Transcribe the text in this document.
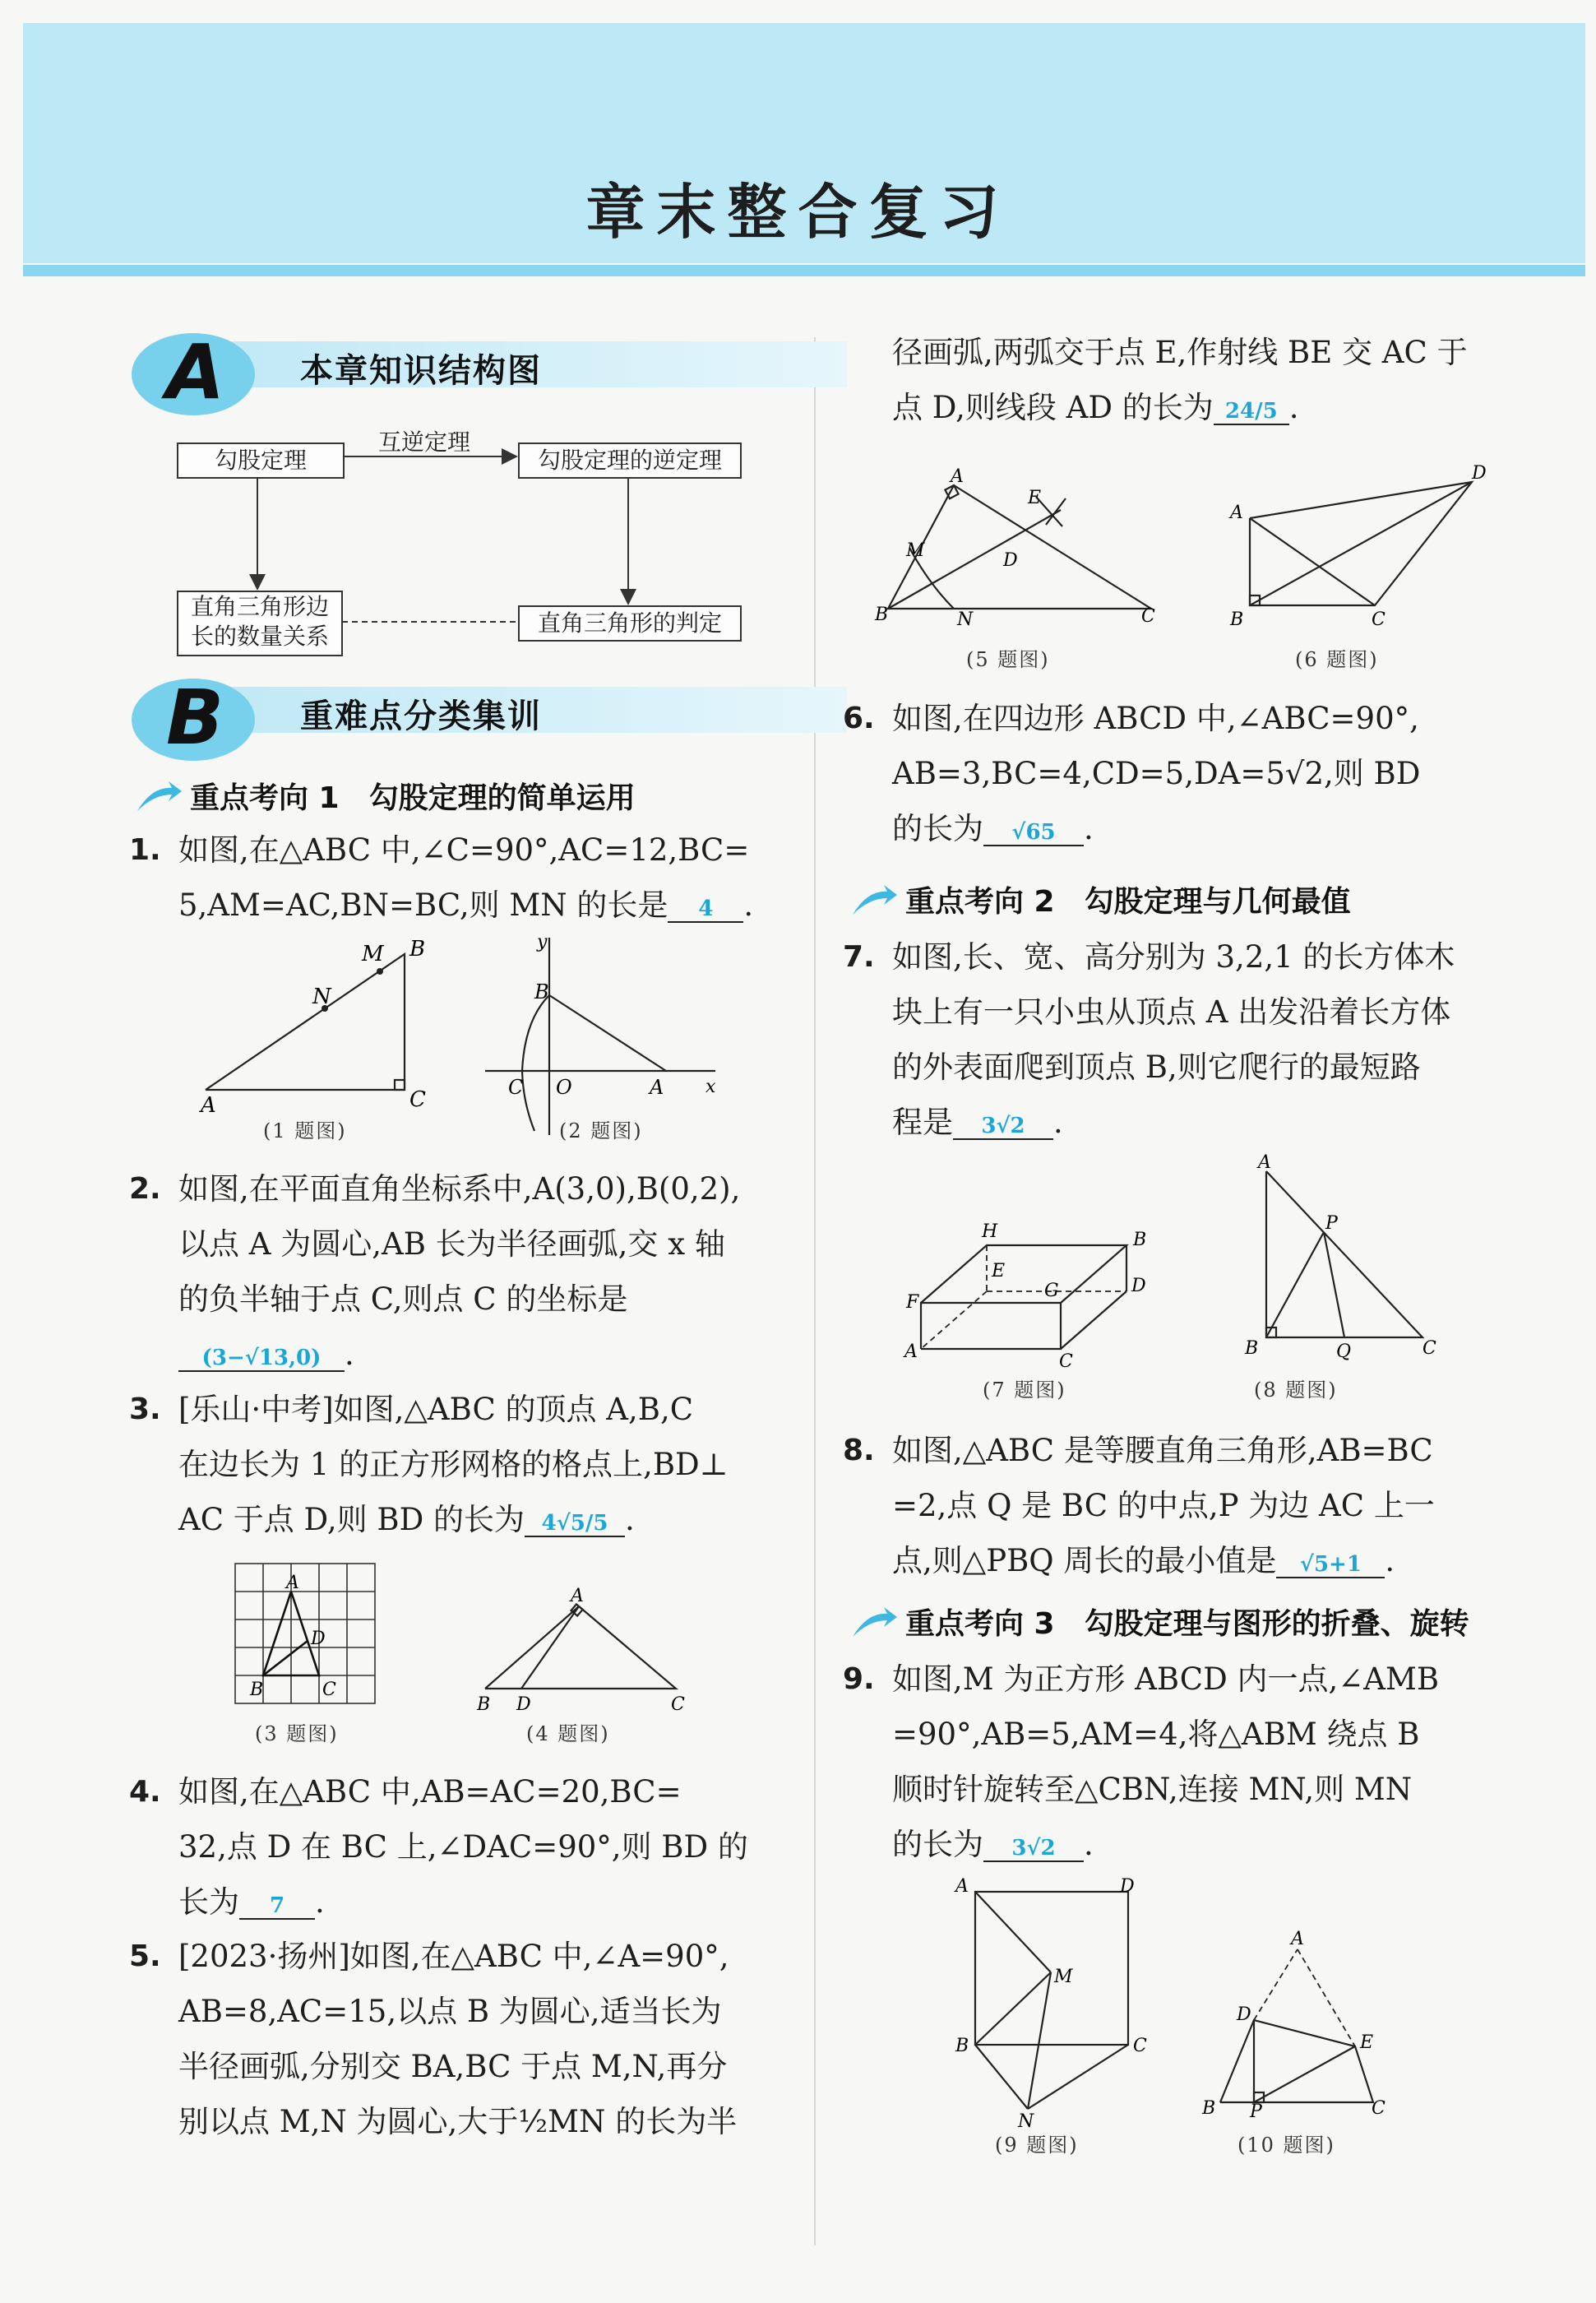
章末整合复习
A 本章知识结构图
勾股定理	勾股定理的逆定理
直角三角形边
长的数量关系	直角三角形的判定
互逆定理
B 重难点分类集训
重点考向 1　勾股定理的简单运用
1. 如图,在△ABC 中,∠C=90°,AC=12,BC=
5,AM=AC,BN=BC,则 MN 的长是 4 .
A
B
C
M
N
y
x
B
C O	A
(1 题图)	(2 题图)
2. 如图,在平面直角坐标系中,A(3,0),B(0,2),
以点 A 为圆心,AB 长为半径画弧,交 x 轴
的负半轴于点 C,则点 C 的坐标是
(3−√13,0) .
3. [乐山·中考]如图,△ABC 的顶点 A,B,C
在边长为 1 的正方形网格的格点上,BD⊥
AC 于点 D,则 BD 的长为 4√5/5 .
A
B	C
D
A
B D	C
(3 题图)	(4 题图)
4. 如图,在△ABC 中,AB=AC=20,BC=
32,点 D 在 BC 上,∠DAC=90°,则 BD 的
长为 7 .
5. [2023·扬州]如图,在△ABC 中,∠A=90°,
AB=8,AC=15,以点 B 为圆心,适当长为
半径画弧,分别交 BA,BC 于点 M,N,再分
别以点 M,N 为圆心,大于½MN 的长为半
径画弧,两弧交于点 E,作射线 BE 交 AC 于
点 D,则线段 AD 的长为 24/5 .
A
B	C
D
E
M
N
A
B	C
D
(5 题图)	(6 题图)
6. 如图,在四边形 ABCD 中,∠ABC=90°,
AB=3,BC=4,CD=5,DA=5√2,则 BD
的长为 √65 .
重点考向 2　勾股定理与几何最值
7. 如图,长、宽、高分别为 3,2,1 的长方体木
块上有一只小虫从顶点 A 出发沿着长方体
的外表面爬到顶点 B,则它爬行的最短路
程是 3√2 .
A
B
C
D
E
F
G
H
A
B	C
P
Q
(7 题图)	(8 题图)
8. 如图,△ABC 是等腰直角三角形,AB=BC
=2,点 Q 是 BC 的中点,P 为边 AC 上一
点,则△PBQ 周长的最小值是 √5+1 .
重点考向 3　勾股定理与图形的折叠、旋转
9. 如图,M 为正方形 ABCD 内一点,∠AMB
=90°,AB=5,AM=4,将△ABM 绕点 B
顺时针旋转至△CBN,连接 MN,则 MN
的长为 3√2 .
A
B	C
D
M
N
A
B	C
D
E
P
(9 题图)	(10 题图)
